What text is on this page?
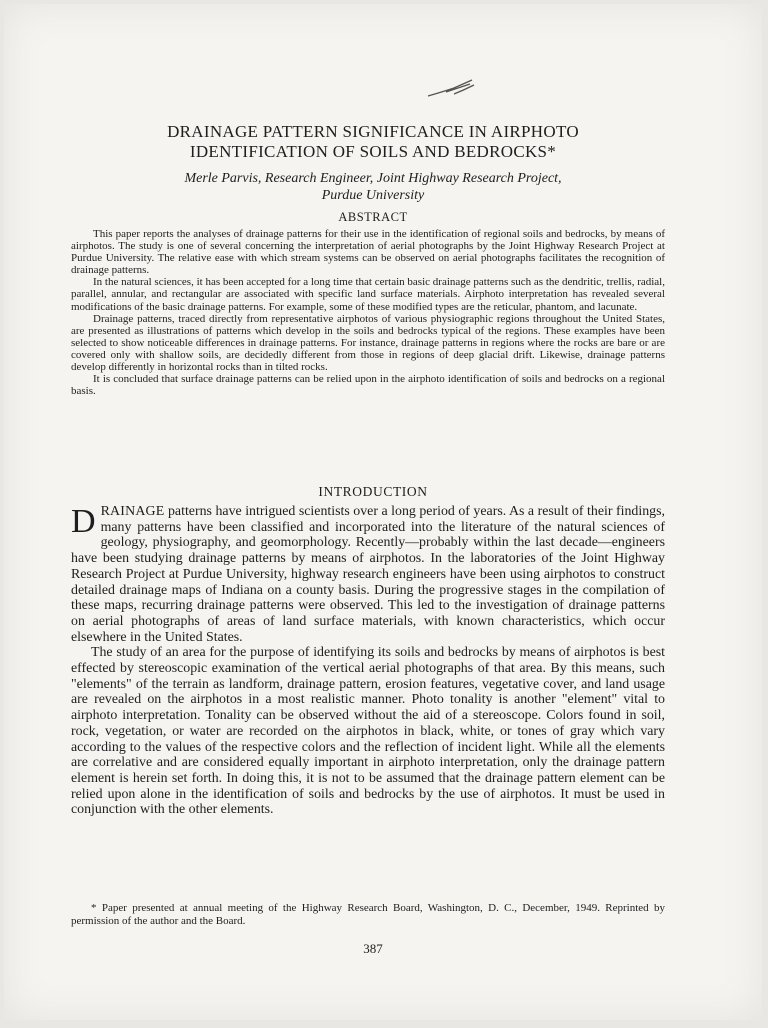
DRAINAGE PATTERN SIGNIFICANCE IN AIRPHOTO
IDENTIFICATION OF SOILS AND BEDROCKS*
Merle Parvis, Research Engineer, Joint Highway Research Project,
Purdue University
ABSTRACT

This paper reports the analyses of drainage patterns for their use in the identification of regional soils and bedrocks, by means of airphotos. The study is one of several concerning the interpretation of aerial photographs by the Joint Highway Research Project at Purdue University. The relative ease with which stream systems can be observed on aerial photographs facilitates the recognition of drainage patterns.

In the natural sciences, it has been accepted for a long time that certain basic drainage patterns such as the dendritic, trellis, radial, parallel, annular, and rectangular are associated with specific land surface materials. Airphoto interpretation has revealed several modifications of the basic drainage patterns. For example, some of these modified types are the reticular, phantom, and lacunate.

Drainage patterns, traced directly from representative airphotos of various physiographic regions throughout the United States, are presented as illustrations of patterns which develop in the soils and bedrocks typical of the regions. These examples have been selected to show noticeable differences in drainage patterns. For instance, drainage patterns in regions where the rocks are bare or are covered only with shallow soils, are decidedly different from those in regions of deep glacial drift. Likewise, drainage patterns develop differently in horizontal rocks than in tilted rocks.

It is concluded that surface drainage patterns can be relied upon in the airphoto identification of soils and bedrocks on a regional basis.

INTRODUCTION

DRAINAGE patterns have intrigued scientists over a long period of years. As a result of their findings, many patterns have been classified and incorporated into the literature of the natural sciences of geology, physiography, and geomorphology. Recently—probably within the last decade—engineers have been studying drainage patterns by means of airphotos. In the laboratories of the Joint Highway Research Project at Purdue University, highway research engineers have been using airphotos to construct detailed drainage maps of Indiana on a county basis. During the progressive stages in the compilation of these maps, recurring drainage patterns were observed. This led to the investigation of drainage patterns on aerial photographs of areas of land surface materials, with known characteristics, which occur elsewhere in the United States.

The study of an area for the purpose of identifying its soils and bedrocks by means of airphotos is best effected by stereoscopic examination of the vertical aerial photographs of that area. By this means, such "elements" of the terrain as landform, drainage pattern, erosion features, vegetative cover, and land usage are revealed on the airphotos in a most realistic manner. Photo tonality is another "element" vital to airphoto interpretation. Tonality can be observed without the aid of a stereoscope. Colors found in soil, rock, vegetation, or water are recorded on the airphotos in black, white, or tones of gray which vary according to the values of the respective colors and the reflection of incident light. While all the elements are correlative and are considered equally important in airphoto interpretation, only the drainage pattern element is herein set forth. In doing this, it is not to be assumed that the drainage pattern element can be relied upon alone in the identification of soils and bedrocks by the use of airphotos. It must be used in conjunction with the other elements.

* Paper presented at annual meeting of the Highway Research Board, Washington, D. C., December, 1949. Reprinted by permission of the author and the Board.

387
